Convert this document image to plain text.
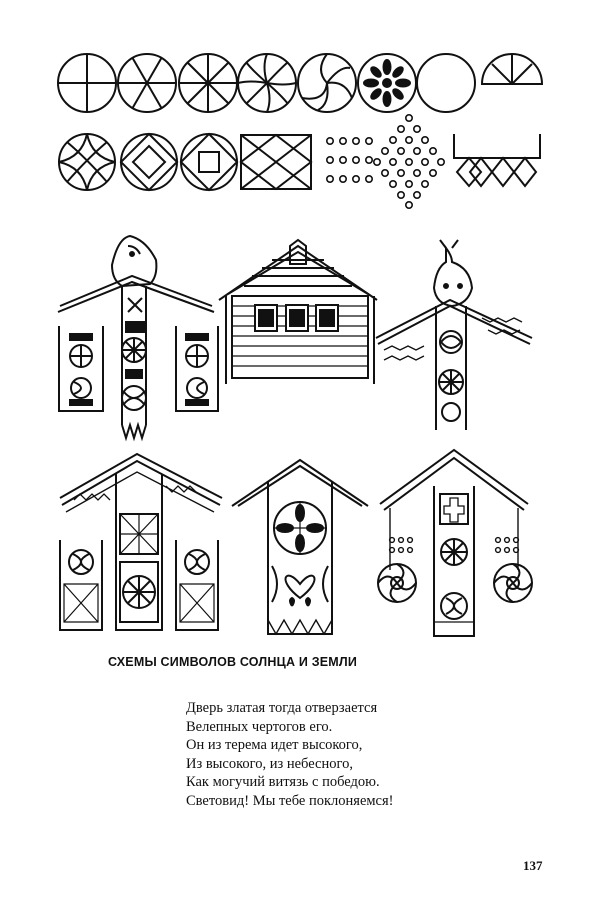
СХЕМЫ СИМВОЛОВ СОЛНЦА И ЗЕМЛИ
Дверь златая тогда отверзается
Велепных чертогов его.
Он из терема идет высокого,
Из высокого, из небесного,
Как могучий витязь с победою.
Световид! Мы тебе поклоняемся!
137
